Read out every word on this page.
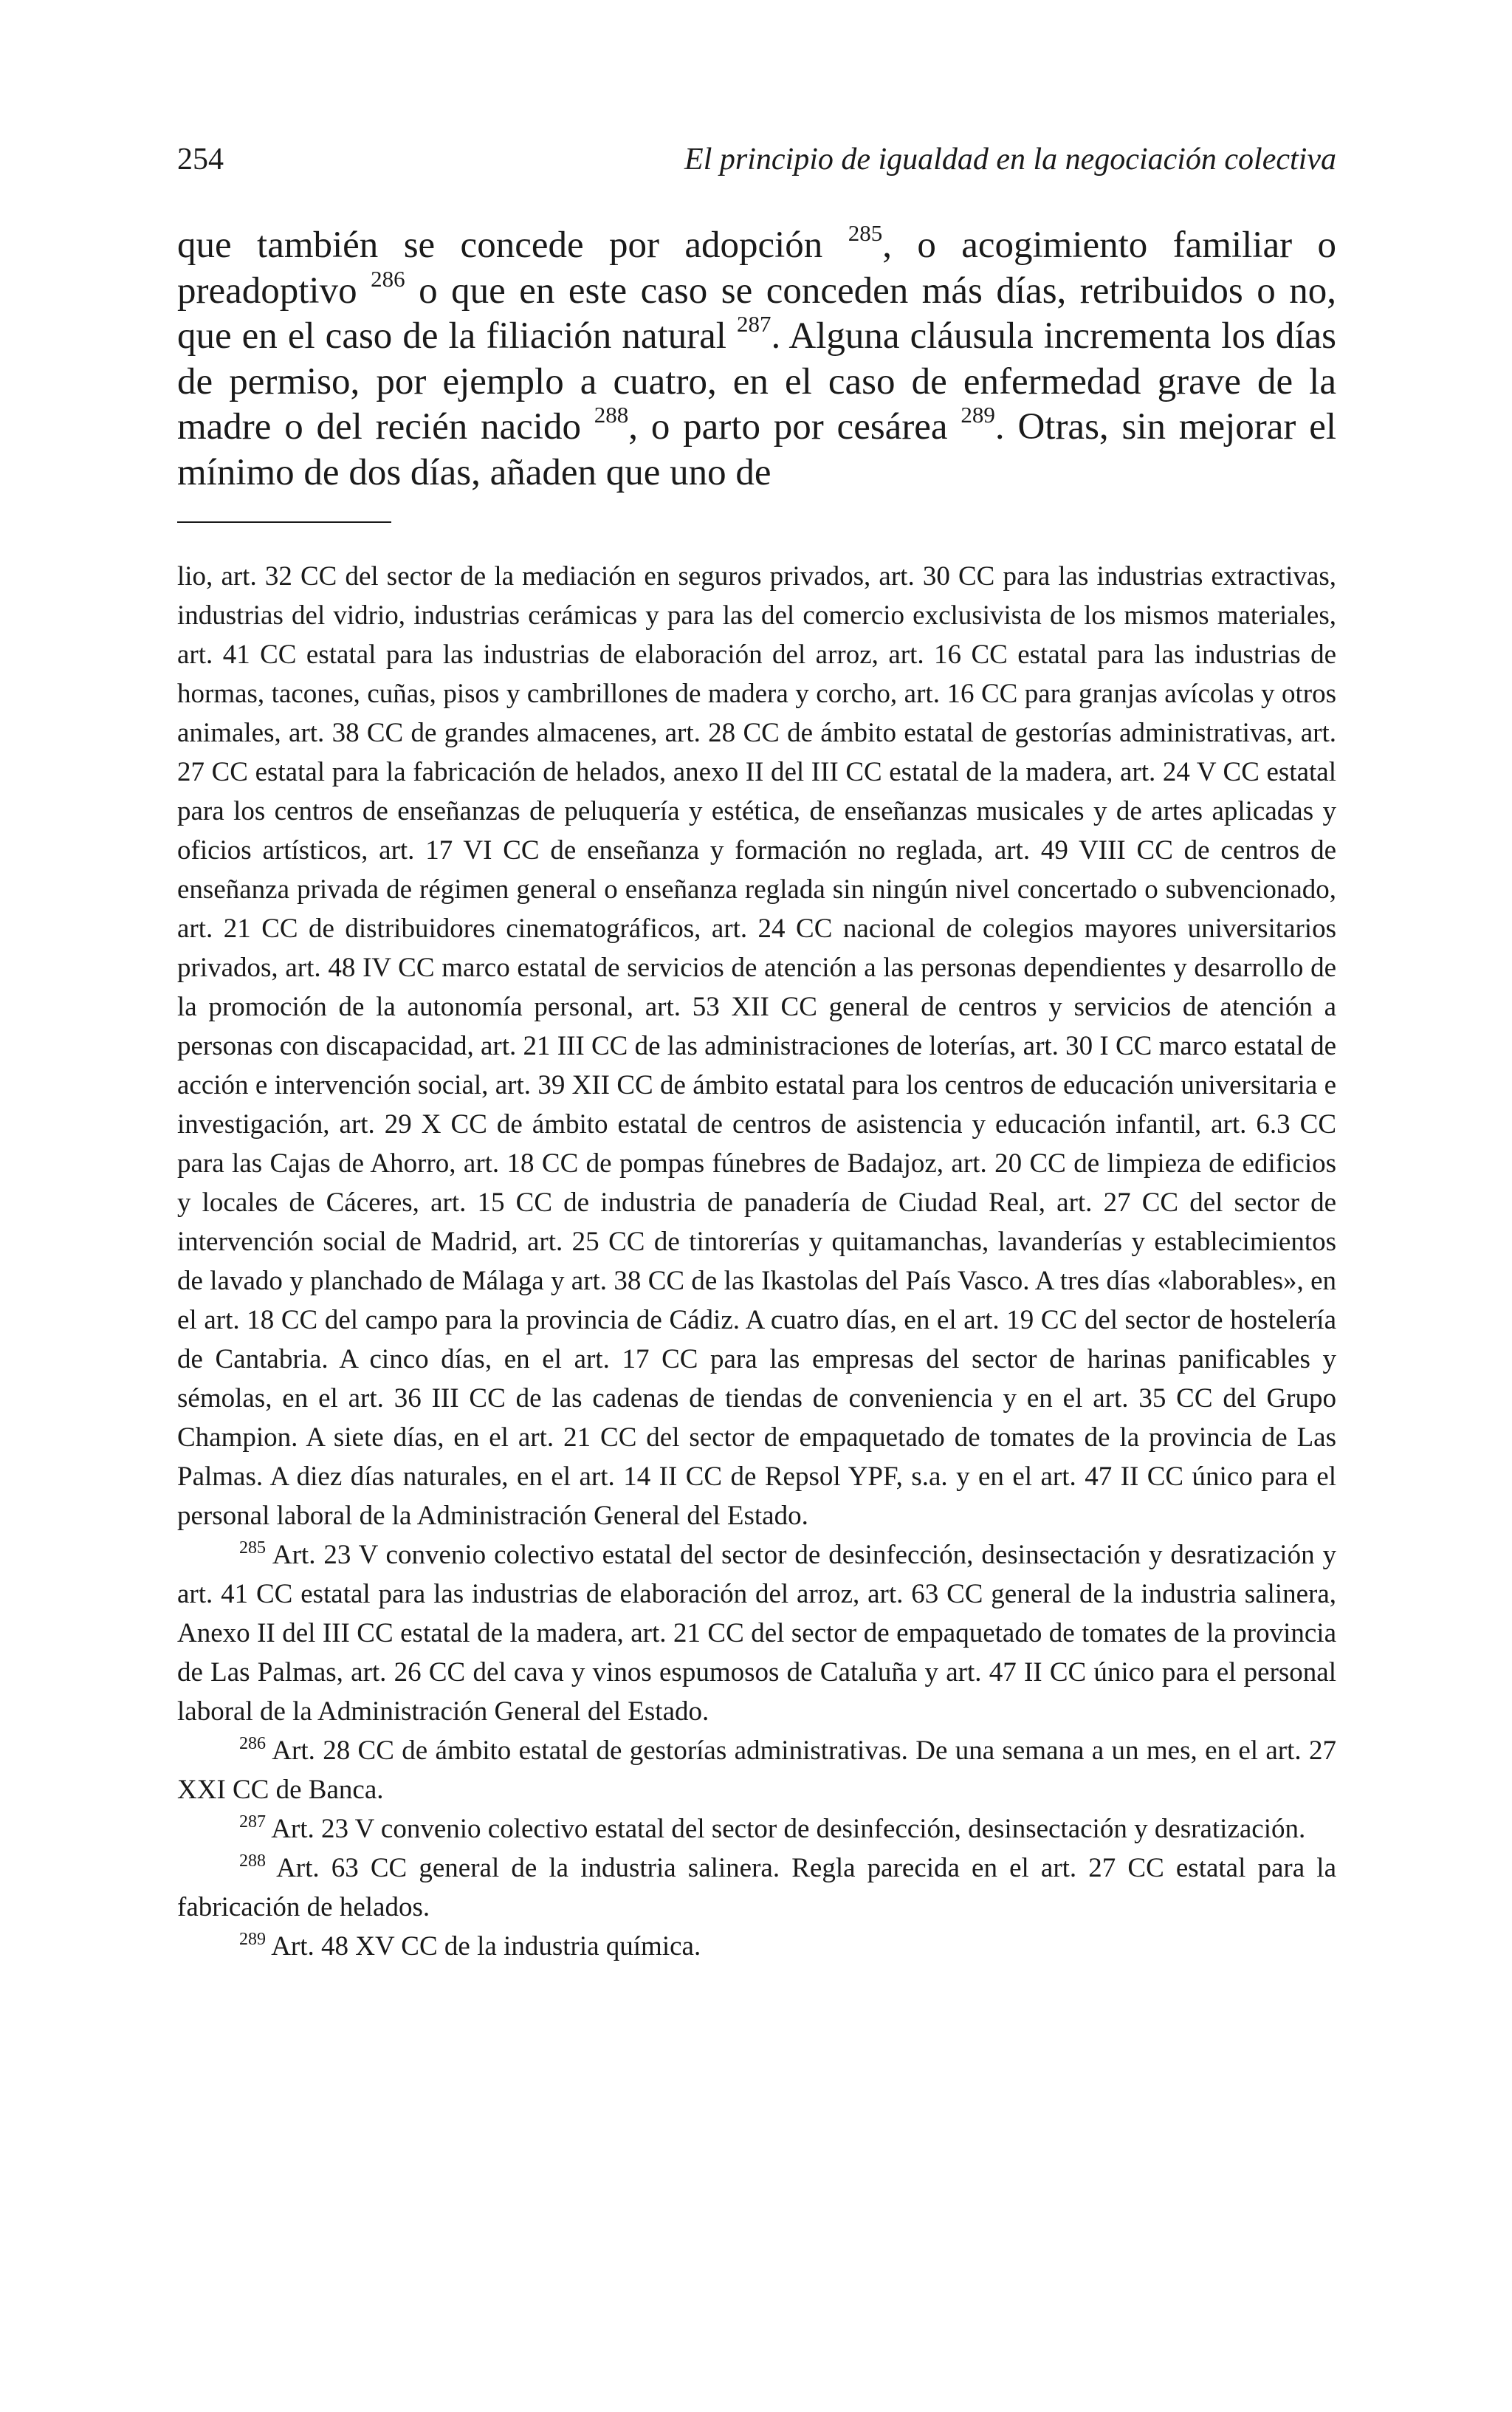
254	El principio de igualdad en la negociación colectiva

que también se concede por adopción $^{285}$, o acogimiento familiar o preadoptivo $^{286}$ o que en este caso se conceden más días, retribuidos o no, que en el caso de la filiación natural $^{287}$. Alguna cláusula incrementa los días de permiso, por ejemplo a cuatro, en el caso de enfermedad grave de la madre o del recién nacido $^{288}$, o parto por cesárea $^{289}$. Otras, sin mejorar el mínimo de dos días, añaden que uno de

lio, art. 32 CC del sector de la mediación en seguros privados, art. 30 CC para las industrias extractivas, industrias del vidrio, industrias cerámicas y para las del comercio exclusivista de los mismos materiales, art. 41 CC estatal para las industrias de elaboración del arroz, art. 16 CC estatal para las industrias de hormas, tacones, cuñas, pisos y cambrillones de madera y corcho, art. 16 CC para granjas avícolas y otros animales, art. 38 CC de grandes almacenes, art. 28 CC de ámbito estatal de gestorías administrativas, art. 27 CC estatal para la fabricación de helados, anexo II del III CC estatal de la madera, art. 24 V CC estatal para los centros de enseñanzas de peluquería y estética, de enseñanzas musicales y de artes aplicadas y oficios artísticos, art. 17 VI CC de enseñanza y formación no reglada, art. 49 VIII CC de centros de enseñanza privada de régimen general o enseñanza reglada sin ningún nivel concertado o subvencionado, art. 21 CC de distribuidores cinematográficos, art. 24 CC nacional de colegios mayores universitarios privados, art. 48 IV CC marco estatal de servicios de atención a las personas dependientes y desarrollo de la promoción de la autonomía personal, art. 53 XII CC general de centros y servicios de atención a personas con discapacidad, art. 21 III CC de las administraciones de loterías, art. 30 I CC marco estatal de acción e intervención social, art. 39 XII CC de ámbito estatal para los centros de educación universitaria e investigación, art. 29 X CC de ámbito estatal de centros de asistencia y educación infantil, art. 6.3 CC para las Cajas de Ahorro, art. 18 CC de pompas fúnebres de Badajoz, art. 20 CC de limpieza de edificios y locales de Cáceres, art. 15 CC de industria de panadería de Ciudad Real, art. 27 CC del sector de intervención social de Madrid, art. 25 CC de tintorerías y quitamanchas, lavanderías y establecimientos de lavado y planchado de Málaga y art. 38 CC de las Ikastolas del País Vasco. A tres días «laborables», en el art. 18 CC del campo para la provincia de Cádiz. A cuatro días, en el art. 19 CC del sector de hostelería de Cantabria. A cinco días, en el art. 17 CC para las empresas del sector de harinas panificables y sémolas, en el art. 36 III CC de las cadenas de tiendas de conveniencia y en el art. 35 CC del Grupo Champion. A siete días, en el art. 21 CC del sector de empaquetado de tomates de la provincia de Las Palmas. A diez días naturales, en el art. 14 II CC de Repsol YPF, s.a. y en el art. 47 II CC único para el personal laboral de la Administración General del Estado.

$^{285}$ Art. 23 V convenio colectivo estatal del sector de desinfección, desinsectación y desratización y art. 41 CC estatal para las industrias de elaboración del arroz, art. 63 CC general de la industria salinera, Anexo II del III CC estatal de la madera, art. 21 CC del sector de empaquetado de tomates de la provincia de Las Palmas, art. 26 CC del cava y vinos espumosos de Cataluña y art. 47 II CC único para el personal laboral de la Administración General del Estado.

$^{286}$ Art. 28 CC de ámbito estatal de gestorías administrativas. De una semana a un mes, en el art. 27 XXI CC de Banca.

$^{287}$ Art. 23 V convenio colectivo estatal del sector de desinfección, desinsectación y desratización.

$^{288}$ Art. 63 CC general de la industria salinera. Regla parecida en el art. 27 CC estatal para la fabricación de helados.

$^{289}$ Art. 48 XV CC de la industria química.
